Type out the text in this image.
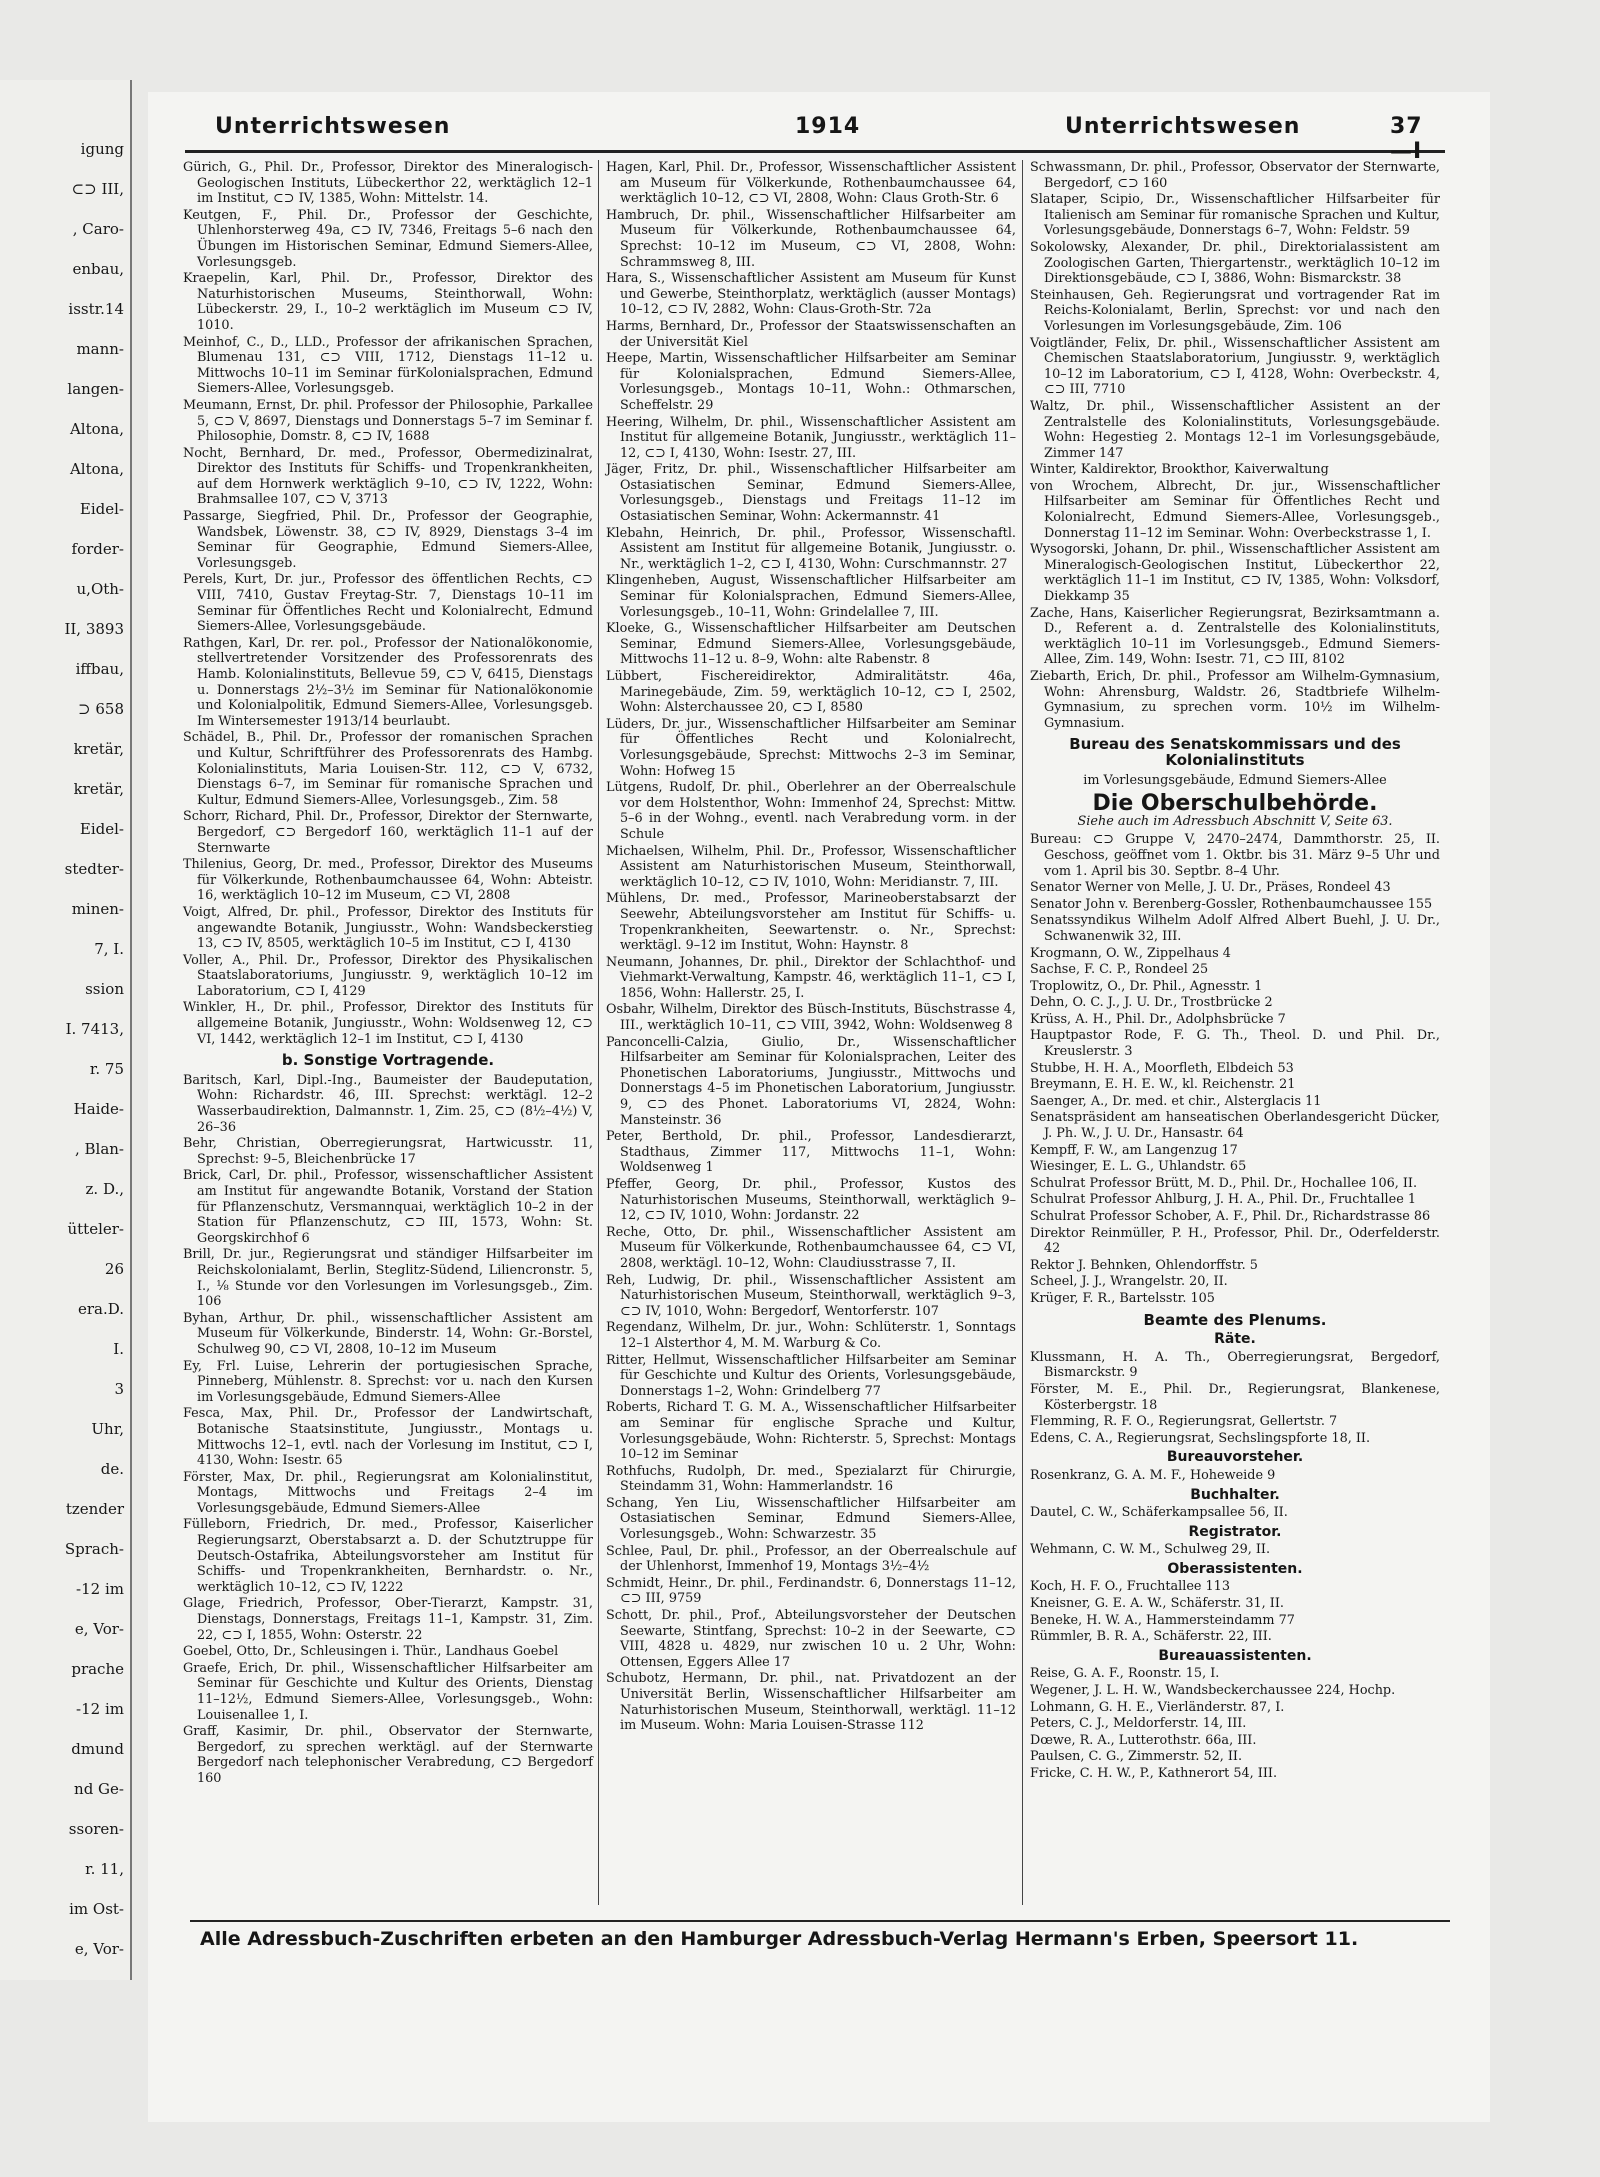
igung
⊂⊃ III,
, Caro-
enbau,
isstr.14
mann-
langen-
Altona,
Altona,
Eidel-
forder-
u,Oth-
II, 3893
iffbau,
⊃ 658
kretär,
kretär,
Eidel-
stedter-
minen-
7, I.
ssion
I. 7413,
r. 75
Haide-
, Blan-
z. D.,
ütteler-
26
era.D.
I.
3
Uhr,
de.
tzender
Sprach-
-12 im
e, Vor-
prache
-12 im
dmund
nd Ge-
ssoren-
r. 11,
im Ost-
e, Vor-
Unterrichtswesen	1914	Unterrichtswesen	37—I

Gürich, G., Phil. Dr., Professor, Direktor des Mineralogisch-Geologischen Instituts, Lübeckerthor 22, werktäglich 12–1 im Institut, ⊂⊃ IV, 1385, Wohn: Mittelstr. 14.

Keutgen, F., Phil. Dr., Professor der Geschichte, Uhlenhorsterweg 49a, ⊂⊃ IV, 7346, Freitags 5–6 nach den Übungen im Historischen Seminar, Edmund Siemers-Allee, Vorlesungsgeb.

Kraepelin, Karl, Phil. Dr., Professor, Direktor des Naturhistorischen Museums, Steinthorwall, Wohn: Lübeckerstr. 29, I., 10–2 werktäglich im Museum ⊂⊃ IV, 1010.

Meinhof, C., D., LLD., Professor der afrikanischen Sprachen, Blumenau 131, ⊂⊃ VIII, 1712, Dienstags 11–12 u. Mittwochs 10–11 im Seminar fürKolonialsprachen, Edmund Siemers-Allee, Vorlesungsgeb.

Meumann, Ernst, Dr. phil. Professor der Philosophie, Parkallee 5, ⊂⊃ V, 8697, Dienstags und Donnerstags 5–7 im Seminar f. Philosophie, Domstr. 8, ⊂⊃ IV, 1688

Nocht, Bernhard, Dr. med., Professor, Obermedizinalrat, Direktor des Instituts für Schiffs- und Tropenkrankheiten, auf dem Hornwerk werktäglich 9–10, ⊂⊃ IV, 1222, Wohn: Brahmsallee 107, ⊂⊃ V, 3713

Passarge, Siegfried, Phil. Dr., Professor der Geographie, Wandsbek, Löwenstr. 38, ⊂⊃ IV, 8929, Dienstags 3–4 im Seminar für Geographie, Edmund Siemers-Allee, Vorlesungsgeb.

Perels, Kurt, Dr. jur., Professor des öffentlichen Rechts, ⊂⊃ VIII, 7410, Gustav Freytag-Str. 7, Dienstags 10–11 im Seminar für Öffentliches Recht und Kolonialrecht, Edmund Siemers-Allee, Vorlesungsgebäude.

Rathgen, Karl, Dr. rer. pol., Professor der Nationalökonomie, stellvertretender Vorsitzender des Professorenrats des Hamb. Kolonialinstituts, Bellevue 59, ⊂⊃ V, 6415, Dienstags u. Donnerstags 2½–3½ im Seminar für Nationalökonomie und Kolonialpolitik, Edmund Siemers-Allee, Vorlesungsgeb. Im Wintersemester 1913/14 beurlaubt.

Schädel, B., Phil. Dr., Professor der romanischen Sprachen und Kultur, Schriftführer des Professorenrats des Hambg. Kolonialinstituts, Maria Louisen-Str. 112, ⊂⊃ V, 6732, Dienstags 6–7, im Seminar für romanische Sprachen und Kultur, Edmund Siemers-Allee, Vorlesungsgeb., Zim. 58

Schorr, Richard, Phil. Dr., Professor, Direktor der Sternwarte, Bergedorf, ⊂⊃ Bergedorf 160, werktäglich 11–1 auf der Sternwarte

Thilenius, Georg, Dr. med., Professor, Direktor des Museums für Völkerkunde, Rothenbaumchaussee 64, Wohn: Abteistr. 16, werktäglich 10–12 im Museum, ⊂⊃ VI, 2808

Voigt, Alfred, Dr. phil., Professor, Direktor des Instituts für angewandte Botanik, Jungiusstr., Wohn: Wandsbeckerstieg 13, ⊂⊃ IV, 8505, werktäglich 10–5 im Institut, ⊂⊃ I, 4130

Voller, A., Phil. Dr., Professor, Direktor des Physikalischen Staatslaboratoriums, Jungiusstr. 9, werktäglich 10–12 im Laboratorium, ⊂⊃ I, 4129

Winkler, H., Dr. phil., Professor, Direktor des Instituts für allgemeine Botanik, Jungiusstr., Wohn: Woldsenweg 12, ⊂⊃ VI, 1442, werktäglich 12–1 im Institut, ⊂⊃ I, 4130

b. Sonstige Vortragende.

Baritsch, Karl, Dipl.-Ing., Baumeister der Baudeputation, Wohn: Richardstr. 46, III. Sprechst: werktägl. 12–2 Wasserbaudirektion, Dalmannstr. 1, Zim. 25, ⊂⊃ (8½–4½) V, 26–36

Behr, Christian, Oberregierungsrat, Hartwicusstr. 11, Sprechst: 9–5, Bleichenbrücke 17

Brick, Carl, Dr. phil., Professor, wissenschaftlicher Assistent am Institut für angewandte Botanik, Vorstand der Station für Pflanzenschutz, Versmannquai, werktäglich 10–2 in der Station für Pflanzenschutz, ⊂⊃ III, 1573, Wohn: St. Georgskirchhof 6

Brill, Dr. jur., Regierungsrat und ständiger Hilfsarbeiter im Reichskolonialamt, Berlin, Steglitz-Südend, Liliencronstr. 5, I., ⅛ Stunde vor den Vorlesungen im Vorlesungsgeb., Zim. 106

Byhan, Arthur, Dr. phil., wissenschaftlicher Assistent am Museum für Völkerkunde, Binderstr. 14, Wohn: Gr.-Borstel, Schulweg 90, ⊂⊃ VI, 2808, 10–12 im Museum

Ey, Frl. Luise, Lehrerin der portugiesischen Sprache, Pinneberg, Mühlenstr. 8. Sprechst: vor u. nach den Kursen im Vorlesungsgebäude, Edmund Siemers-Allee

Fesca, Max, Phil. Dr., Professor der Landwirtschaft, Botanische Staatsinstitute, Jungiusstr., Montags u. Mittwochs 12–1, evtl. nach der Vorlesung im Institut, ⊂⊃ I, 4130, Wohn: Isestr. 65

Förster, Max, Dr. phil., Regierungsrat am Kolonialinstitut, Montags, Mittwochs und Freitags 2–4 im Vorlesungsgebäude, Edmund Siemers-Allee

Fülleborn, Friedrich, Dr. med., Professor, Kaiserlicher Regierungsarzt, Oberstabsarzt a. D. der Schutztruppe für Deutsch-Ostafrika, Abteilungsvorsteher am Institut für Schiffs- und Tropenkrankheiten, Bernhardstr. o. Nr., werktäglich 10–12, ⊂⊃ IV, 1222

Glage, Friedrich, Professor, Ober-Tierarzt, Kampstr. 31, Dienstags, Donnerstags, Freitags 11–1, Kampstr. 31, Zim. 22, ⊂⊃ I, 1855, Wohn: Osterstr. 22

Goebel, Otto, Dr., Schleusingen i. Thür., Landhaus Goebel

Graefe, Erich, Dr. phil., Wissenschaftlicher Hilfsarbeiter am Seminar für Geschichte und Kultur des Orients, Dienstag 11–12½, Edmund Siemers-Allee, Vorlesungsgeb., Wohn: Louisenallee 1, I.

Graff, Kasimir, Dr. phil., Observator der Sternwarte, Bergedorf, zu sprechen werktägl. auf der Sternwarte Bergedorf nach telephonischer Verabredung, ⊂⊃ Bergedorf 160

Hagen, Karl, Phil. Dr., Professor, Wissenschaftlicher Assistent am Museum für Völkerkunde, Rothenbaumchaussee 64, werktäglich 10–12, ⊂⊃ VI, 2808, Wohn: Claus Groth-Str. 6

Hambruch, Dr. phil., Wissenschaftlicher Hilfsarbeiter am Museum für Völkerkunde, Rothenbaumchaussee 64, Sprechst: 10–12 im Museum, ⊂⊃ VI, 2808, Wohn: Schrammsweg 8, III.

Hara, S., Wissenschaftlicher Assistent am Museum für Kunst und Gewerbe, Steinthorplatz, werktäglich (ausser Montags) 10–12, ⊂⊃ IV, 2882, Wohn: Claus-Groth-Str. 72a

Harms, Bernhard, Dr., Professor der Staatswissenschaften an der Universität Kiel

Heepe, Martin, Wissenschaftlicher Hilfsarbeiter am Seminar für Kolonialsprachen, Edmund Siemers-Allee, Vorlesungsgeb., Montags 10–11, Wohn.: Othmarschen, Scheffelstr. 29

Heering, Wilhelm, Dr. phil., Wissenschaftlicher Assistent am Institut für allgemeine Botanik, Jungiusstr., werktäglich 11–12, ⊂⊃ I, 4130, Wohn: Isestr. 27, III.

Jäger, Fritz, Dr. phil., Wissenschaftlicher Hilfsarbeiter am Ostasiatischen Seminar, Edmund Siemers-Allee, Vorlesungsgeb., Dienstags und Freitags 11–12 im Ostasiatischen Seminar, Wohn: Ackermannstr. 41

Klebahn, Heinrich, Dr. phil., Professor, Wissenschaftl. Assistent am Institut für allgemeine Botanik, Jungiusstr. o. Nr., werktäglich 1–2, ⊂⊃ I, 4130, Wohn: Curschmannstr. 27

Klingenheben, August, Wissenschaftlicher Hilfsarbeiter am Seminar für Kolonialsprachen, Edmund Siemers-Allee, Vorlesungsgeb., 10–11, Wohn: Grindelallee 7, III.

Kloeke, G., Wissenschaftlicher Hilfsarbeiter am Deutschen Seminar, Edmund Siemers-Allee, Vorlesungsgebäude, Mittwochs 11–12 u. 8–9, Wohn: alte Rabenstr. 8

Lübbert, Fischereidirektor, Admiralitätstr. 46a, Marinegebäude, Zim. 59, werktäglich 10–12, ⊂⊃ I, 2502, Wohn: Alsterchaussee 20, ⊂⊃ I, 8580

Lüders, Dr. jur., Wissenschaftlicher Hilfsarbeiter am Seminar für Öffentliches Recht und Kolonialrecht, Vorlesungsgebäude, Sprechst: Mittwochs 2–3 im Seminar, Wohn: Hofweg 15

Lütgens, Rudolf, Dr. phil., Oberlehrer an der Oberrealschule vor dem Holstenthor, Wohn: Immenhof 24, Sprechst: Mittw. 5–6 in der Wohng., eventl. nach Verabredung vorm. in der Schule

Michaelsen, Wilhelm, Phil. Dr., Professor, Wissenschaftlicher Assistent am Naturhistorischen Museum, Steinthorwall, werktäglich 10–12, ⊂⊃ IV, 1010, Wohn: Meridianstr. 7, III.

Mühlens, Dr. med., Professor, Marineoberstabsarzt der Seewehr, Abteilungsvorsteher am Institut für Schiffs- u. Tropenkrankheiten, Seewartenstr. o. Nr., Sprechst: werktägl. 9–12 im Institut, Wohn: Haynstr. 8

Neumann, Johannes, Dr. phil., Direktor der Schlachthof- und Viehmarkt-Verwaltung, Kampstr. 46, werktäglich 11–1, ⊂⊃ I, 1856, Wohn: Hallerstr. 25, I.

Osbahr, Wilhelm, Direktor des Büsch-Instituts, Büschstrasse 4, III., werktäglich 10–11, ⊂⊃ VIII, 3942, Wohn: Woldsenweg 8

Panconcelli-Calzia, Giulio, Dr., Wissenschaftlicher Hilfsarbeiter am Seminar für Kolonialsprachen, Leiter des Phonetischen Laboratoriums, Jungiusstr., Mittwochs und Donnerstags 4–5 im Phonetischen Laboratorium, Jungiusstr. 9, ⊂⊃ des Phonet. Laboratoriums VI, 2824, Wohn: Mansteinstr. 36

Peter, Berthold, Dr. phil., Professor, Landesdierarzt, Stadthaus, Zimmer 117, Mittwochs 11–1, Wohn: Woldsenweg 1

Pfeffer, Georg, Dr. phil., Professor, Kustos des Naturhistorischen Museums, Steinthorwall, werktäglich 9–12, ⊂⊃ IV, 1010, Wohn: Jordanstr. 22

Reche, Otto, Dr. phil., Wissenschaftlicher Assistent am Museum für Völkerkunde, Rothenbaumchaussee 64, ⊂⊃ VI, 2808, werktägl. 10–12, Wohn: Claudiusstrasse 7, II.

Reh, Ludwig, Dr. phil., Wissenschaftlicher Assistent am Naturhistorischen Museum, Steinthorwall, werktäglich 9–3, ⊂⊃ IV, 1010, Wohn: Bergedorf, Wentorferstr. 107

Regendanz, Wilhelm, Dr. jur., Wohn: Schlüterstr. 1, Sonntags 12–1 Alsterthor 4, M. M. Warburg & Co.

Ritter, Hellmut, Wissenschaftlicher Hilfsarbeiter am Seminar für Geschichte und Kultur des Orients, Vorlesungsgebäude, Donnerstags 1–2, Wohn: Grindelberg 77

Roberts, Richard T. G. M. A., Wissenschaftlicher Hilfsarbeiter am Seminar für englische Sprache und Kultur, Vorlesungsgebäude, Wohn: Richterstr. 5, Sprechst: Montags 10–12 im Seminar

Rothfuchs, Rudolph, Dr. med., Spezialarzt für Chirurgie, Steindamm 31, Wohn: Hammerlandstr. 16

Schang, Yen Liu, Wissenschaftlicher Hilfsarbeiter am Ostasiatischen Seminar, Edmund Siemers-Allee, Vorlesungsgeb., Wohn: Schwarzestr. 35

Schlee, Paul, Dr. phil., Professor, an der Oberrealschule auf der Uhlenhorst, Immenhof 19, Montags 3½–4½

Schmidt, Heinr., Dr. phil., Ferdinandstr. 6, Donnerstags 11–12, ⊂⊃ III, 9759

Schott, Dr. phil., Prof., Abteilungsvorsteher der Deutschen Seewarte, Stintfang, Sprechst: 10–2 in der Seewarte, ⊂⊃ VIII, 4828 u. 4829, nur zwischen 10 u. 2 Uhr, Wohn: Ottensen, Eggers Allee 17

Schubotz, Hermann, Dr. phil., nat. Privatdozent an der Universität Berlin, Wissenschaftlicher Hilfsarbeiter am Naturhistorischen Museum, Steinthorwall, werktägl. 11–12 im Museum. Wohn: Maria Louisen-Strasse 112

Schwassmann, Dr. phil., Professor, Observator der Sternwarte, Bergedorf, ⊂⊃ 160

Slataper, Scipio, Dr., Wissenschaftlicher Hilfsarbeiter für Italienisch am Seminar für romanische Sprachen und Kultur, Vorlesungsgebäude, Donnerstags 6–7, Wohn: Feldstr. 59

Sokolowsky, Alexander, Dr. phil., Direktorialassistent am Zoologischen Garten, Thiergartenstr., werktäglich 10–12 im Direktionsgebäude, ⊂⊃ I, 3886, Wohn: Bismarckstr. 38

Steinhausen, Geh. Regierungsrat und vortragender Rat im Reichs-Kolonialamt, Berlin, Sprechst: vor und nach den Vorlesungen im Vorlesungsgebäude, Zim. 106

Voigtländer, Felix, Dr. phil., Wissenschaftlicher Assistent am Chemischen Staatslaboratorium, Jungiusstr. 9, werktäglich 10–12 im Laboratorium, ⊂⊃ I, 4128, Wohn: Overbeckstr. 4, ⊂⊃ III, 7710

Waltz, Dr. phil., Wissenschaftlicher Assistent an der Zentralstelle des Kolonialinstituts, Vorlesungsgebäude. Wohn: Hegestieg 2. Montags 12–1 im Vorlesungsgebäude, Zimmer 147

Winter, Kaldirektor, Brookthor, Kaiverwaltung

von Wrochem, Albrecht, Dr. jur., Wissenschaftlicher Hilfsarbeiter am Seminar für Öffentliches Recht und Kolonialrecht, Edmund Siemers-Allee, Vorlesungsgeb., Donnerstag 11–12 im Seminar. Wohn: Overbeckstrasse 1, I.

Wysogorski, Johann, Dr. phil., Wissenschaftlicher Assistent am Mineralogisch-Geologischen Institut, Lübeckerthor 22, werktäglich 11–1 im Institut, ⊂⊃ IV, 1385, Wohn: Volksdorf, Diekkamp 35

Zache, Hans, Kaiserlicher Regierungsrat, Bezirksamtmann a. D., Referent a. d. Zentralstelle des Kolonialinstituts, werktäglich 10–11 im Vorlesungsgeb., Edmund Siemers-Allee, Zim. 149, Wohn: Isestr. 71, ⊂⊃ III, 8102

Ziebarth, Erich, Dr. phil., Professor am Wilhelm-Gymnasium, Wohn: Ahrensburg, Waldstr. 26, Stadtbriefe Wilhelm-Gymnasium, zu sprechen vorm. 10½ im Wilhelm-Gymnasium.

Bureau des Senatskommissars und des Kolonialinstituts

im Vorlesungsgebäude, Edmund Siemers-Allee

Die Oberschulbehörde.

Siehe auch im Adressbuch Abschnitt V, Seite 63.

Bureau: ⊂⊃ Gruppe V, 2470–2474, Dammthorstr. 25, II. Geschoss, geöffnet vom 1. Oktbr. bis 31. März 9–5 Uhr und vom 1. April bis 30. Septbr. 8–4 Uhr.

Senator Werner von Melle, J. U. Dr., Präses, Rondeel 43

Senator John v. Berenberg-Gossler, Rothenbaumchaussee 155

Senatssyndikus Wilhelm Adolf Alfred Albert Buehl, J. U. Dr., Schwanenwik 32, III.

Krogmann, O. W., Zippelhaus 4

Sachse, F. C. P., Rondeel 25

Troplowitz, O., Dr. Phil., Agnesstr. 1

Dehn, O. C. J., J. U. Dr., Trostbrücke 2

Krüss, A. H., Phil. Dr., Adolphsbrücke 7

Hauptpastor Rode, F. G. Th., Theol. D. und Phil. Dr., Kreuslerstr. 3

Stubbe, H. H. A., Moorfleth, Elbdeich 53

Breymann, E. H. E. W., kl. Reichenstr. 21

Saenger, A., Dr. med. et chir., Alsterglacis 11

Senatspräsident am hanseatischen Oberlandesgericht Dücker, J. Ph. W., J. U. Dr., Hansastr. 64

Kempff, F. W., am Langenzug 17

Wiesinger, E. L. G., Uhlandstr. 65

Schulrat Professor Brütt, M. D., Phil. Dr., Hochallee 106, II.

Schulrat Professor Ahlburg, J. H. A., Phil. Dr., Fruchtallee 1

Schulrat Professor Schober, A. F., Phil. Dr., Richardstrasse 86

Direktor Reinmüller, P. H., Professor, Phil. Dr., Oderfelderstr. 42

Rektor J. Behnken, Ohlendorffstr. 5

Scheel, J. J., Wrangelstr. 20, II.

Krüger, F. R., Bartelsstr. 105

Beamte des Plenums.
Räte.

Klussmann, H. A. Th., Oberregierungsrat, Bergedorf, Bismarckstr. 9

Förster, M. E., Phil. Dr., Regierungsrat, Blankenese, Kösterbergstr. 18

Flemming, R. F. O., Regierungsrat, Gellertstr. 7

Edens, C. A., Regierungsrat, Sechslingspforte 18, II.

Bureauvorsteher.

Rosenkranz, G. A. M. F., Hoheweide 9

Buchhalter.

Dautel, C. W., Schäferkampsallee 56, II.

Registrator.

Wehmann, C. W. M., Schulweg 29, II.

Oberassistenten.

Koch, H. F. O., Fruchtallee 113

Kneisner, G. E. A. W., Schäferstr. 31, II.

Beneke, H. W. A., Hammersteindamm 77

Rümmler, B. R. A., Schäferstr. 22, III.

Bureauassistenten.

Reise, G. A. F., Roonstr. 15, I.

Wegener, J. L. H. W., Wandsbeckerchaussee 224, Hochp.

Lohmann, G. H. E., Vierländerstr. 87, I.

Peters, C. J., Meldorferstr. 14, III.

Dœwe, R. A., Lutterothstr. 66a, III.

Paulsen, C. G., Zimmerstr. 52, II.

Fricke, C. H. W., P., Kathnerort 54, III.

Alle Adressbuch-Zuschriften erbeten an den Hamburger Adressbuch-Verlag Hermann's Erben, Speersort 11.
